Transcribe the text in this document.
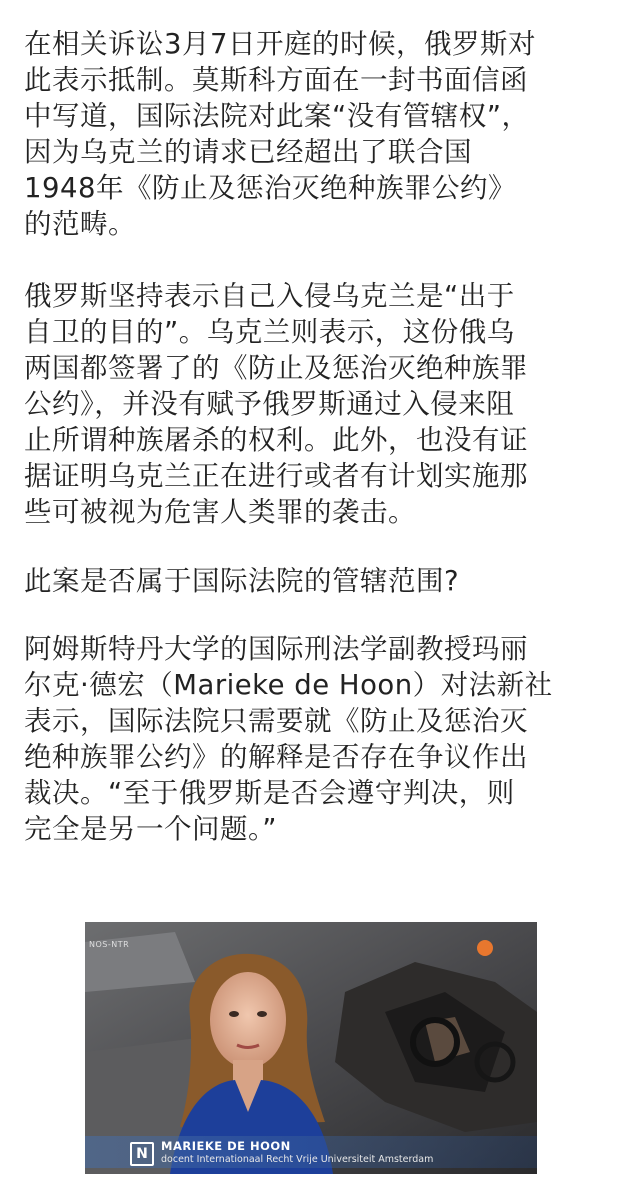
在相关诉讼3月7日开庭的时候，俄罗斯对
此表示抵制。莫斯科方面在一封书面信函
中写道，国际法院对此案“没有管辖权”，
因为乌克兰的请求已经超出了联合国
1948年《防止及惩治灭绝种族罪公约》
的范畴。

俄罗斯坚持表示自己入侵乌克兰是“出于
自卫的目的”。乌克兰则表示，这份俄乌
两国都签署了的《防止及惩治灭绝种族罪
公约》，并没有赋予俄罗斯通过入侵来阻
止所谓种族屠杀的权利。此外，也没有证
据证明乌克兰正在进行或者有计划实施那
些可被视为危害人类罪的袭击。

此案是否属于国际法院的管辖范围?

阿姆斯特丹大学的国际刑法学副教授玛丽
尔克·德宏（Marieke de Hoon）对法新社
表示，国际法院只需要就《防止及惩治灭
绝种族罪公约》的解释是否存在争议作出
裁决。“至于俄罗斯是否会遵守判决，则
完全是另一个问题。”

NOS-NTR
N	MARIEKE DE HOON
docent Internationaal Recht Vrije Universiteit Amsterdam
